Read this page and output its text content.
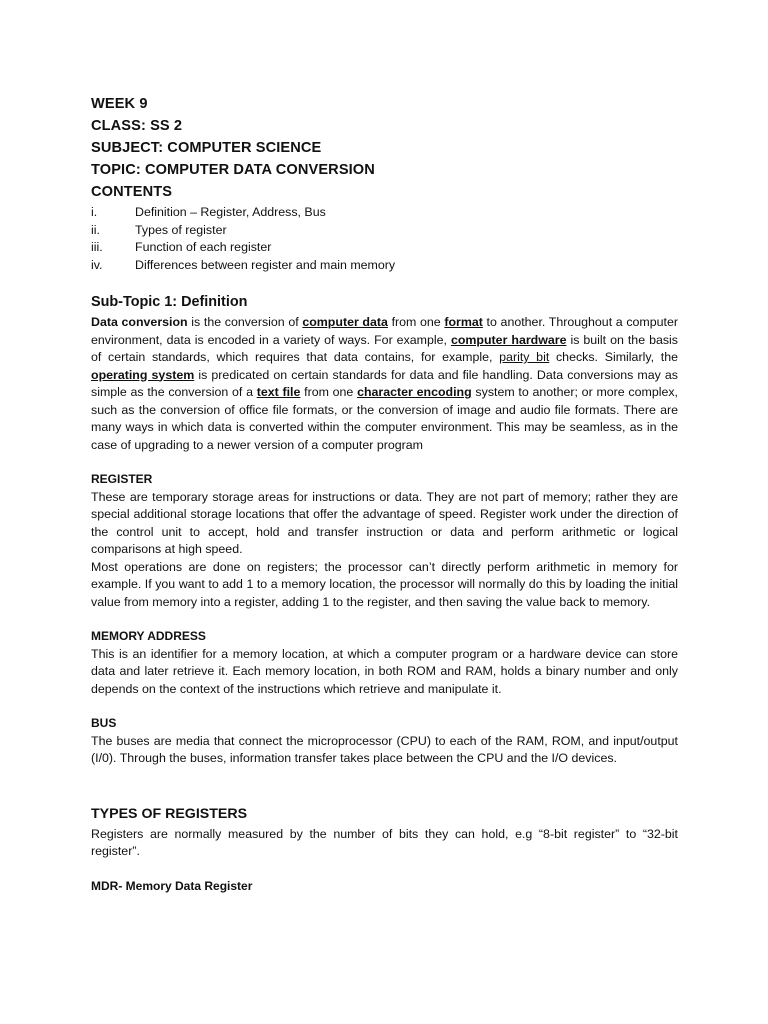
WEEK 9
CLASS: SS 2
SUBJECT: COMPUTER SCIENCE
TOPIC: COMPUTER DATA CONVERSION
CONTENTS
i.	Definition – Register, Address, Bus
ii.	Types of register
iii.	Function of each register
iv.	Differences between register and main memory
Sub-Topic 1: Definition

Data conversion is the conversion of computer data from one format to another. Throughout a computer environment, data is encoded in a variety of ways. For example, computer hardware is built on the basis of certain standards, which requires that data contains, for example, parity bit checks. Similarly, the operating system is predicated on certain standards for data and file handling. Data conversions may as simple as the conversion of a text file from one character encoding system to another; or more complex, such as the conversion of office file formats, or the conversion of image and audio file formats. There are many ways in which data is converted within the computer environment. This may be seamless, as in the case of upgrading to a newer version of a computer program

REGISTER

These are temporary storage areas for instructions or data. They are not part of memory; rather they are special additional storage locations that offer the advantage of speed. Register work under the direction of the control unit to accept, hold and transfer instruction or data and perform arithmetic or logical comparisons at high speed.

Most operations are done on registers; the processor can’t directly perform arithmetic in memory for example. If you want to add 1 to a memory location, the processor will normally do this by loading the initial value from memory into a register, adding 1 to the register, and then saving the value back to memory.

MEMORY ADDRESS

This is an identifier for a memory location, at which a computer program or a hardware device can store data and later retrieve it. Each memory location, in both ROM and RAM, holds a binary number and only depends on the context of the instructions which retrieve and manipulate it.

BUS

The buses are media that connect the microprocessor (CPU) to each of the RAM, ROM, and input/output (I/0). Through the buses, information transfer takes place between the CPU and the I/O devices.

TYPES OF REGISTERS

Registers are normally measured by the number of bits they can hold, e.g “8-bit register” to “32-bit register”.

MDR- Memory Data Register
